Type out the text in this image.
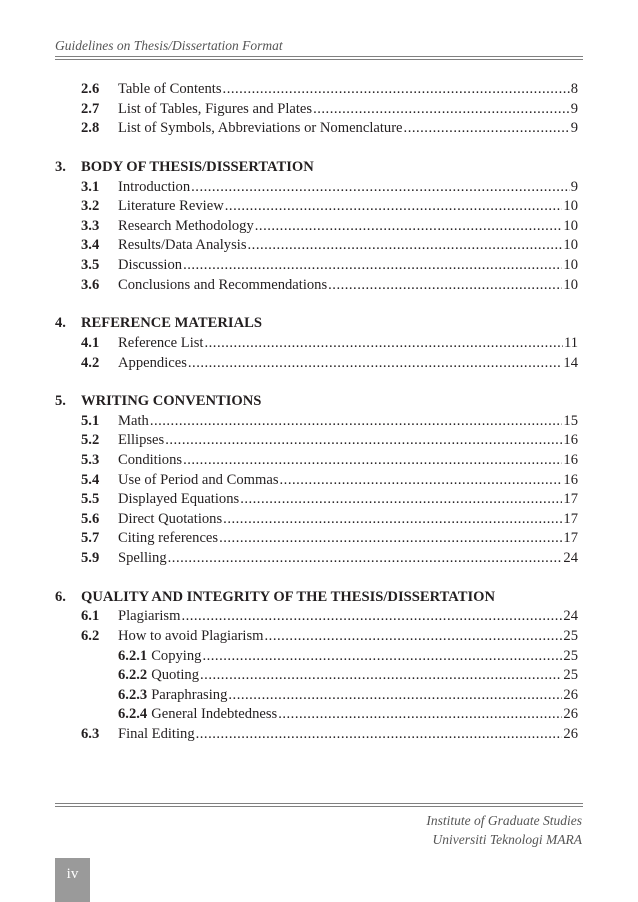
Guidelines on Thesis/Dissertation Format
2.6	Table of Contents .....	8
2.7	List of Tables, Figures and Plates .....	9
2.8	List of Symbols, Abbreviations or Nomenclature .....	9
3.	BODY OF THESIS/DISSERTATION
3.1	Introduction .....	9
3.2	Literature Review .....	10
3.3	Research Methodology .....	10
3.4	Results/Data Analysis .....	10
3.5	Discussion .....	10
3.6	Conclusions and Recommendations .....	10
4.	REFERENCE MATERIALS
4.1	Reference List .....	11
4.2	Appendices .....	14
5.	WRITING CONVENTIONS
5.1	Math .....	15
5.2	Ellipses .....	16
5.3	Conditions .....	16
5.4	Use of Period and Commas .....	16
5.5	Displayed Equations .....	17
5.6	Direct Quotations .....	17
5.7	Citing references .....	17
5.9	Spelling .....	24
6.	QUALITY AND INTEGRITY OF THE THESIS/DISSERTATION
6.1	Plagiarism .....	24
6.2	How to avoid Plagiarism .....	25
6.2.1 Copying .....	25
6.2.2 Quoting .....	25
6.2.3 Paraphrasing .....	26
6.2.4 General Indebtedness .....	26
6.3	Final Editing .....	26
Institute of Graduate Studies
Universiti Teknologi MARA
iv
